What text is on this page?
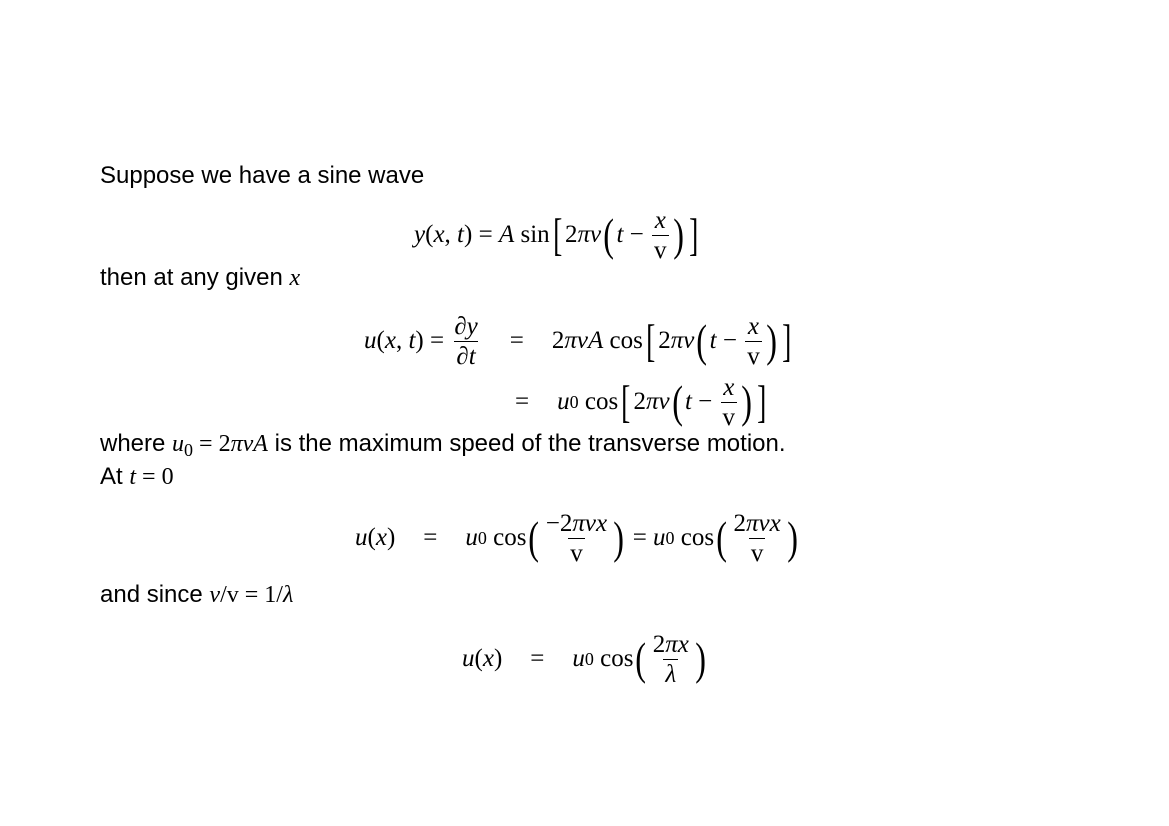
Suppose we have a sine wave
then at any given x
where $u_0 = 2\pi\nu A$ is the maximum speed of the transverse motion.
At t = 0
and since ν/v = 1/λ
y ( x , t ) = A sin [ 2 πν ( $t - \frac{x}{v}$ ) ]
u ( x , t ) = $\frac{\partial y}{\partial t} = 2$ πνA cos [ 2 πν ( $t - \frac{x}{v}$ ) ]
= u 0 cos [ 2 πν ( $t - \frac{x}{v}$ ) ]
u ( x ) = u 0 cos ( $\frac{\text{−2πνx}}{v}$ ) = u 0 cos ( $\frac{\text{2πνx}}{v}$ )
u ( x ) = u 0 cos ( $\frac{2\pi x}{\lambda}$ )
